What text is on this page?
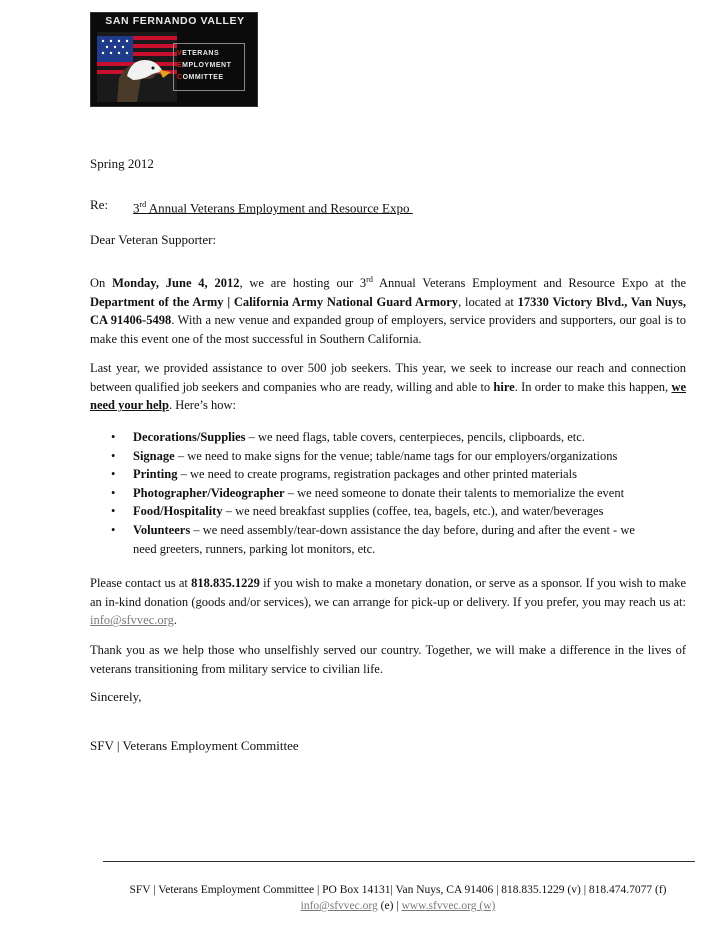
SAN FERNANDO VALLEY
VETERANS
EMPLOYMENT
COMMITTEE
Spring 2012
Re: 3rd Annual Veterans Employment and Resource Expo
Dear Veteran Supporter:
On Monday, June 4, 2012, we are hosting our 3rd Annual Veterans Employment and Resource Expo at the Department of the Army | California Army National Guard Armory, located at 17330 Victory Blvd., Van Nuys, CA 91406-5498. With a new venue and expanded group of employers, service providers and supporters, our goal is to make this event one of the most successful in Southern California.
Last year, we provided assistance to over 500 job seekers. This year, we seek to increase our reach and connection between qualified job seekers and companies who are ready, willing and able to hire. In order to make this happen, we need your help. Here’s how:
• Decorations/Supplies – we need flags, table covers, centerpieces, pencils, clipboards, etc.
• Signage – we need to make signs for the venue; table/name tags for our employers/organizations
• Printing – we need to create programs, registration packages and other printed materials
• Photographer/Videographer – we need someone to donate their talents to memorialize the event
• Food/Hospitality – we need breakfast supplies (coffee, tea, bagels, etc.), and water/beverages
• Volunteers – we need assembly/tear-down assistance the day before, during and after the event - we need greeters, runners, parking lot monitors, etc.
Please contact us at 818.835.1229 if you wish to make a monetary donation, or serve as a sponsor. If you wish to make an in-kind donation (goods and/or services), we can arrange for pick-up or delivery. If you prefer, you may reach us at: info@sfvvec.org.
Thank you as we help those who unselfishly served our country. Together, we will make a difference in the lives of veterans transitioning from military service to civilian life.
Sincerely,
SFV | Veterans Employment Committee
SFV | Veterans Employment Committee | PO Box 14131| Van Nuys, CA 91406 | 818.835.1229 (v) | 818.474.7077 (f)
info@sfvvec.org (e) | www.sfvvec.org (w)
